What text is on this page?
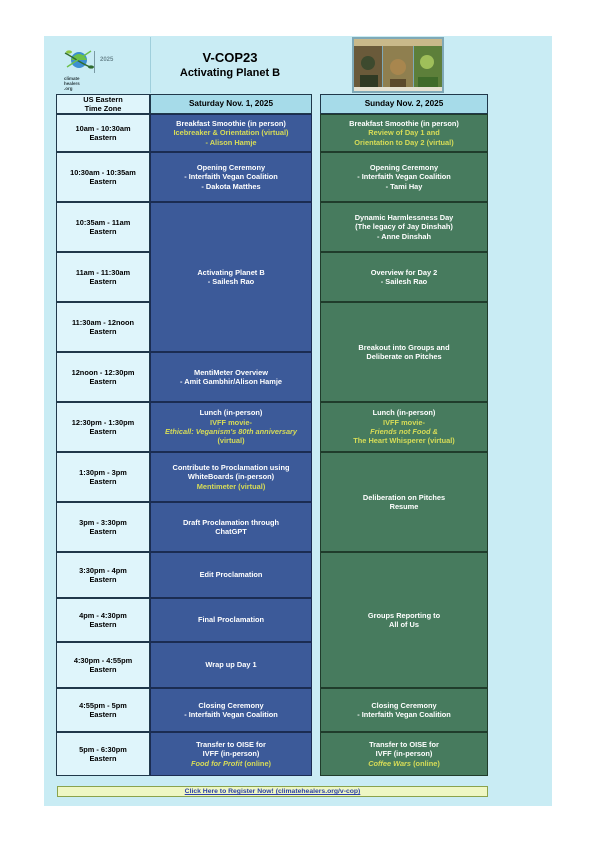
climate
healers
.org
2025	V-COP23
Activating Planet B
US Eastern
Time Zone
Saturday Nov. 1, 2025	Sunday Nov. 2, 2025
10am - 10:30am
Eastern
10:30am - 10:35am
Eastern
10:35am - 11am
Eastern
11am - 11:30am
Eastern
11:30am - 12noon
Eastern
12noon - 12:30pm
Eastern
12:30pm - 1:30pm
Eastern
1:30pm - 3pm
Eastern
3pm - 3:30pm
Eastern
3:30pm - 4pm
Eastern
4pm - 4:30pm
Eastern
4:30pm - 4:55pm
Eastern
4:55pm - 5pm
Eastern
5pm - 6:30pm
Eastern
Breakfast Smoothie (in person)
Icebreaker & Orientation (virtual)
- Alison Hamje
Opening Ceremony
- Interfaith Vegan Coalition
- Dakota Matthes
Activating Planet B
- Sailesh Rao
MentiMeter Overview
- Amit Gambhir/Alison Hamje
Lunch (in-person)
IVFF movie-
Ethicall: Veganism's 80th anniversary
(virtual)
Contribute to Proclamation using
WhiteBoards (in-person)
Mentimeter (virtual)
Draft Proclamation through
ChatGPT
Edit Proclamation
Final Proclamation
Wrap up Day 1
Closing Ceremony
- Interfaith Vegan Coalition
Transfer to OISE for
IVFF (in-person)
Food for Profit (online)
Breakfast Smoothie (in person)
Review of Day 1 and
Orientation to Day 2 (virtual)
Opening Ceremony
- Interfaith Vegan Coalition
- Tami Hay
Dynamic Harmlessness Day
(The legacy of Jay Dinshah)
- Anne Dinshah
Overview for Day 2
- Sailesh Rao
Breakout into Groups and
Deliberate on Pitches
Lunch (in-person)
IVFF movie-
Friends not Food &
The Heart Whisperer (virtual)
Deliberation on Pitches
Resume
Groups Reporting to
All of Us
Closing Ceremony
- Interfaith Vegan Coalition
Transfer to OISE for
IVFF (in-person)
Coffee Wars (online)
Click Here to Register Now! (climatehealers.org/v-cop)
